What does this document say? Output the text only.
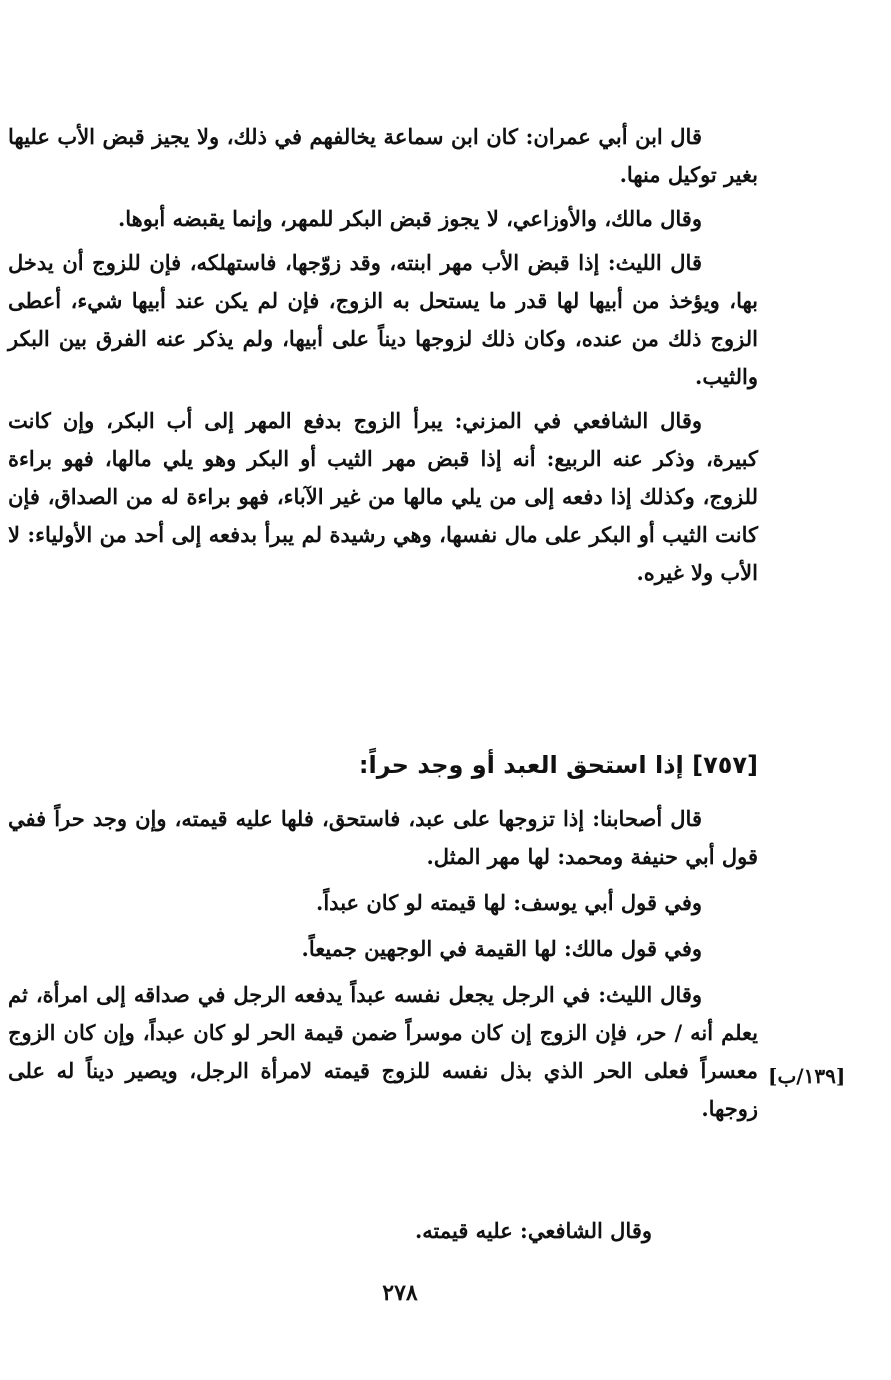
قال ابن أبي عمران: كان ابن سماعة يخالفهم في ذلك، ولا يجيز قبض الأب عليها بغير توكيل منها.

وقال مالك، والأوزاعي، لا يجوز قبض البكر للمهر، وإنما يقبضه أبوها.

قال الليث: إذا قبض الأب مهر ابنته، وقد زوّجها، فاستهلكه، فإن للزوج أن يدخل بها، ويؤخذ من أبيها لها قدر ما يستحل به الزوج، فإن لم يكن عند أبيها شيء، أعطى الزوج ذلك من عنده، وكان ذلك لزوجها ديناً على أبيها، ولم يذكر عنه الفرق بين البكر والثيب.

وقال الشافعي في المزني: يبرأ الزوج بدفع المهر إلى أب البكر، وإن كانت كبيرة، وذكر عنه الربيع: أنه إذا قبض مهر الثيب أو البكر وهو يلي مالها، فهو براءة للزوج، وكذلك إذا دفعه إلى من يلي مالها من غير الآباء، فهو براءة له من الصداق، فإن كانت الثيب أو البكر على مال نفسها، وهي رشيدة لم يبرأ بدفعه إلى أحد من الأولياء: لا الأب ولا غيره.

[٧٥٧] إذا استحق العبد أو وجد حراً:

قال أصحابنا: إذا تزوجها على عبد، فاستحق، فلها عليه قيمته، وإن وجد حراً ففي قول أبي حنيفة ومحمد: لها مهر المثل.

وفي قول أبي يوسف: لها قيمته لو كان عبداً.

وفي قول مالك: لها القيمة في الوجهين جميعاً.

وقال الليث: في الرجل يجعل نفسه عبداً يدفعه الرجل في صداقه إلى امرأة، ثم يعلم أنه / حر، فإن الزوج إن كان موسراً ضمن قيمة الحر لو كان عبداً، وإن كان الزوج معسراً فعلى الحر الذي بذل نفسه للزوج قيمته لامرأة الرجل، ويصير ديناً له على زوجها.

وقال الشافعي: عليه قيمته.
[١٣٩/ب]
٢٧٨
